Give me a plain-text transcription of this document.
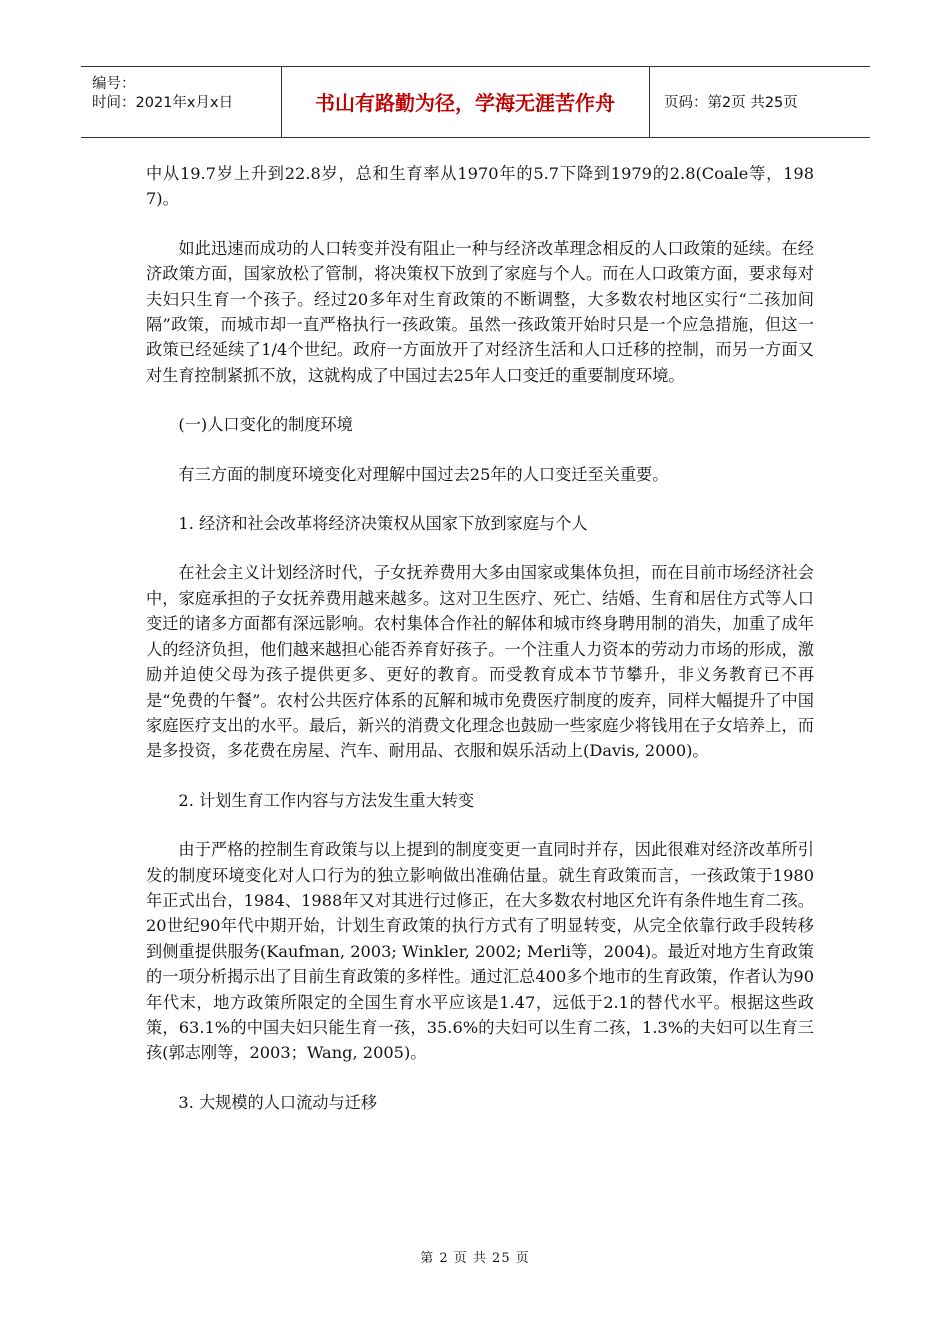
编号：
时间：2021年x月x日	书山有路勤为径，学海无涯苦作舟	页码：第2页 共25页

中从19.7岁上升到22.8岁，总和生育率从1970年的5.7下降到1979的2.8(Coale等，1987)。

如此迅速而成功的人口转变并没有阻止一种与经济改革理念相反的人口政策的延续。在经济政策方面，国家放松了管制，将决策权下放到了家庭与个人。而在人口政策方面，要求每对夫妇只生育一个孩子。经过20多年对生育政策的不断调整，大多数农村地区实行“二孩加间隔”政策，而城市却一直严格执行一孩政策。虽然一孩政策开始时只是一个应急措施，但这一政策已经延续了1/4个世纪。政府一方面放开了对经济生活和人口迁移的控制，而另一方面又对生育控制紧抓不放，这就构成了中国过去25年人口变迁的重要制度环境。

(一)人口变化的制度环境

有三方面的制度环境变化对理解中国过去25年的人口变迁至关重要。

1. 经济和社会改革将经济决策权从国家下放到家庭与个人

在社会主义计划经济时代，子女抚养费用大多由国家或集体负担，而在目前市场经济社会中，家庭承担的子女抚养费用越来越多。这对卫生医疗、死亡、结婚、生育和居住方式等人口变迁的诸多方面都有深远影响。农村集体合作社的解体和城市终身聘用制的消失，加重了成年人的经济负担，他们越来越担心能否养育好孩子。一个注重人力资本的劳动力市场的形成，激励并迫使父母为孩子提供更多、更好的教育。而受教育成本节节攀升，非义务教育已不再是“免费的午餐”。农村公共医疗体系的瓦解和城市免费医疗制度的废弃，同样大幅提升了中国家庭医疗支出的水平。最后，新兴的消费文化理念也鼓励一些家庭少将钱用在子女培养上，而是多投资，多花费在房屋、汽车、耐用品、衣服和娱乐活动上(Davis, 2000)。

2. 计划生育工作内容与方法发生重大转变

由于严格的控制生育政策与以上提到的制度变更一直同时并存，因此很难对经济改革所引发的制度环境变化对人口行为的独立影响做出准确估量。就生育政策而言，一孩政策于1980年正式出台，1984、1988年又对其进行过修正，在大多数农村地区允许有条件地生育二孩。20世纪90年代中期开始，计划生育政策的执行方式有了明显转变，从完全依靠行政手段转移到侧重提供服务(Kaufman, 2003; Winkler, 2002; Merli等，2004)。最近对地方生育政策的一项分析揭示出了目前生育政策的多样性。通过汇总400多个地市的生育政策，作者认为90年代末，地方政策所限定的全国生育水平应该是1.47，远低于2.1的替代水平。根据这些政策，63.1%的中国夫妇只能生育一孩，35.6%的夫妇可以生育二孩，1.3%的夫妇可以生育三孩(郭志刚等，2003；Wang, 2005)。

3. 大规模的人口流动与迁移

第 2 页 共 25 页
